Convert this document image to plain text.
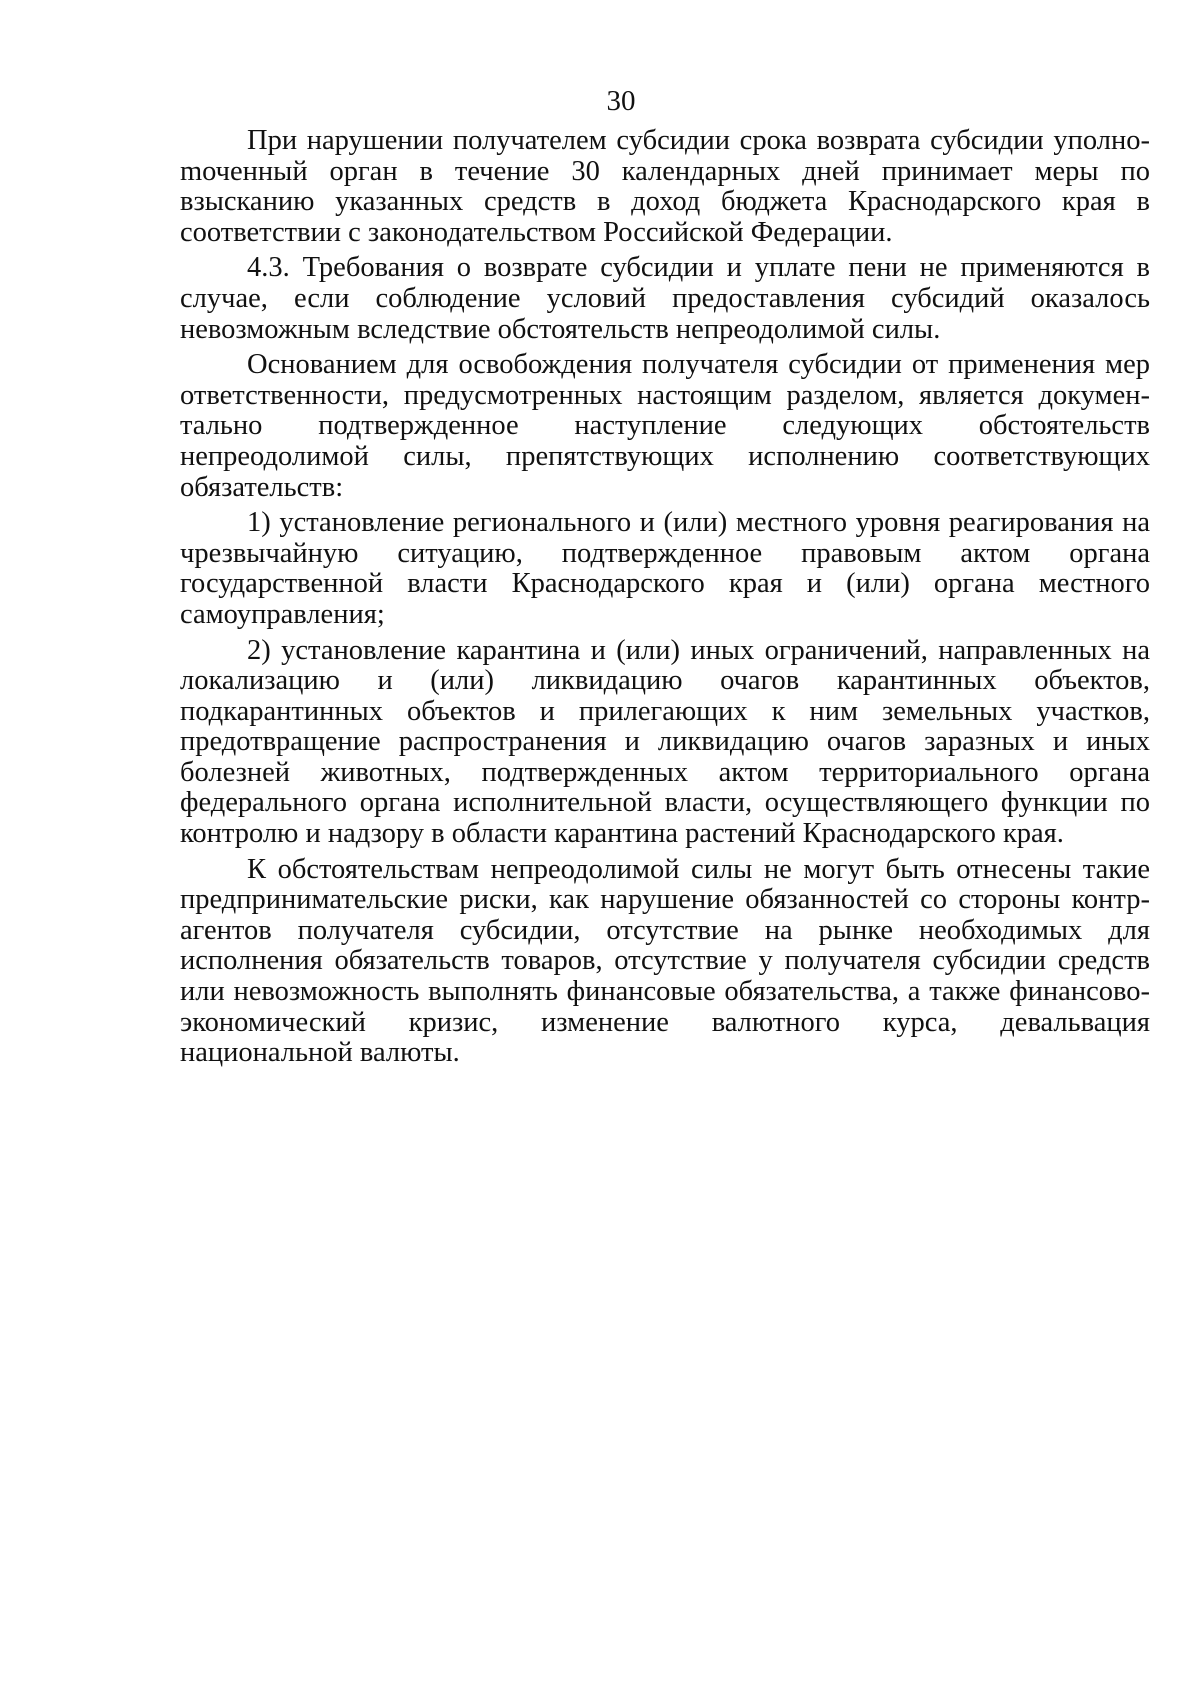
30

При нарушении получателем субсидии срока возврата субсидии уполноmоченный орган в течение 30 календарных дней принимает меры по взысканию указанных средств в доход бюджета Краснодарского края в соответствии с законодательством Российской Федерации.

4.3. Требования о возврате субсидии и уплате пени не применяются в случае, если соблюдение условий предоставления субсидий оказалось невозможным вследствие обстоятельств непреодолимой силы.

Основанием для освобождения получателя субсидии от применения мер ответственности, предусмотренных настоящим разделом, является документально подтвержденное наступление следующих обстоятельств непреодолимой силы, препятствующих исполнению соответствующих обязательств:

1) установление регионального и (или) местного уровня реагирования на чрезвычайную ситуацию, подтвержденное правовым актом органа государственной власти Краснодарского края и (или) органа местного самоуправления;

2) установление карантина и (или) иных ограничений, направленных на локализацию и (или) ликвидацию очагов карантинных объектов, подкарантинных объектов и прилегающих к ним земельных участков, предотвращение распространения и ликвидацию очагов заразных и иных болезней животных, подтвержденных актом территориального органа федерального органа исполнительной власти, осуществляющего функции по контролю и надзору в области карантина растений Краснодарского края.

К обстоятельствам непреодолимой силы не могут быть отнесены такие предпринимательские риски, как нарушение обязанностей со стороны контрагентов получателя субсидии, отсутствие на рынке необходимых для исполнения обязательств товаров, отсутствие у получателя субсидии средств или невозможность выполнять финансовые обязательства, а также финансово-экономический кризис, изменение валютного курса, девальвация национальной валюты.
